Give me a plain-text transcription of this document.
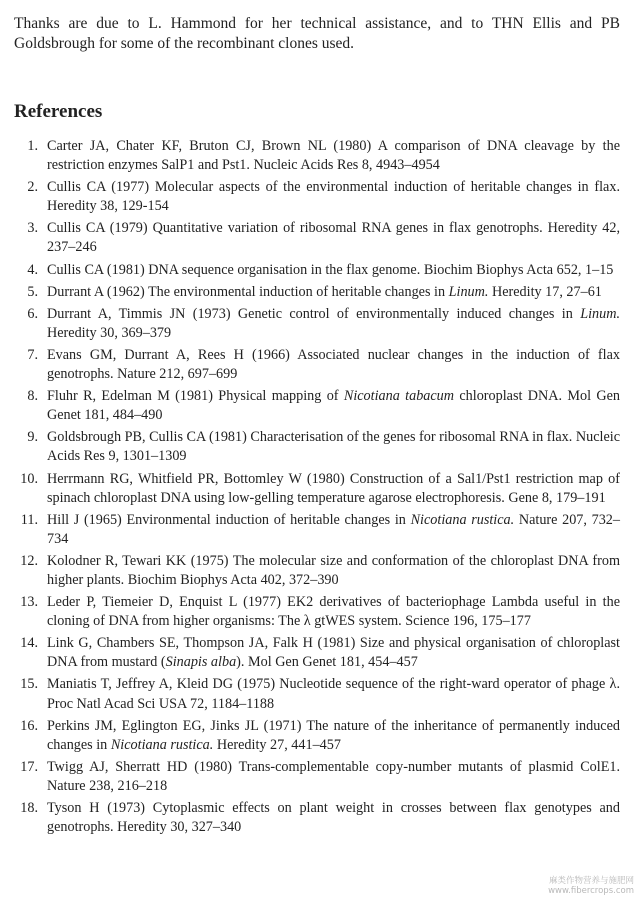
Thanks are due to L. Hammond for her technical assistance, and to THN Ellis and PB Goldsbrough for some of the recombinant clones used.

References
1. Carter JA, Chater KF, Bruton CJ, Brown NL (1980) A comparison of DNA cleavage by the restriction enzymes SalP1 and Pst1. Nucleic Acids Res 8, 4943–4954
2. Cullis CA (1977) Molecular aspects of the environmental induction of heritable changes in flax. Heredity 38, 129-154
3. Cullis CA (1979) Quantitative variation of ribosomal RNA genes in flax genotrophs. Heredity 42, 237–246
4. Cullis CA (1981) DNA sequence organisation in the flax genome. Biochim Biophys Acta 652, 1–15
5. Durrant A (1962) The environmental induction of heritable changes in Linum. Heredity 17, 27–61
6. Durrant A, Timmis JN (1973) Genetic control of environmentally induced changes in Linum. Heredity 30, 369–379
7. Evans GM, Durrant A, Rees H (1966) Associated nuclear changes in the induction of flax genotrophs. Nature 212, 697–699
8. Fluhr R, Edelman M (1981) Physical mapping of Nicotiana tabacum chloroplast DNA. Mol Gen Genet 181, 484–490
9. Goldsbrough PB, Cullis CA (1981) Characterisation of the genes for ribosomal RNA in flax. Nucleic Acids Res 9, 1301–1309
10. Herrmann RG, Whitfield PR, Bottomley W (1980) Construction of a Sal1/Pst1 restriction map of spinach chloroplast DNA using low-gelling temperature agarose electrophoresis. Gene 8, 179–191
11. Hill J (1965) Environmental induction of heritable changes in Nicotiana rustica. Nature 207, 732–734
12. Kolodner R, Tewari KK (1975) The molecular size and conformation of the chloroplast DNA from higher plants. Biochim Biophys Acta 402, 372–390
13. Leder P, Tiemeier D, Enquist L (1977) EK2 derivatives of bacteriophage Lambda useful in the cloning of DNA from higher organisms: The λ gtWES system. Science 196, 175–177
14. Link G, Chambers SE, Thompson JA, Falk H (1981) Size and physical organisation of chloroplast DNA from mustard (Sinapis alba). Mol Gen Genet 181, 454–457
15. Maniatis T, Jeffrey A, Kleid DG (1975) Nucleotide sequence of the right-ward operator of phage λ. Proc Natl Acad Sci USA 72, 1184–1188
16. Perkins JM, Eglington EG, Jinks JL (1971) The nature of the inheritance of permanently induced changes in Nicotiana rustica. Heredity 27, 441–457
17. Twigg AJ, Sherratt HD (1980) Trans-complementable copy-number mutants of plasmid ColE1. Nature 238, 216–218
18. Tyson H (1973) Cytoplasmic effects on plant weight in crosses between flax genotypes and genotrophs. Heredity 30, 327–340
麻类作物营养与施肥网
www.fibercrops.com
